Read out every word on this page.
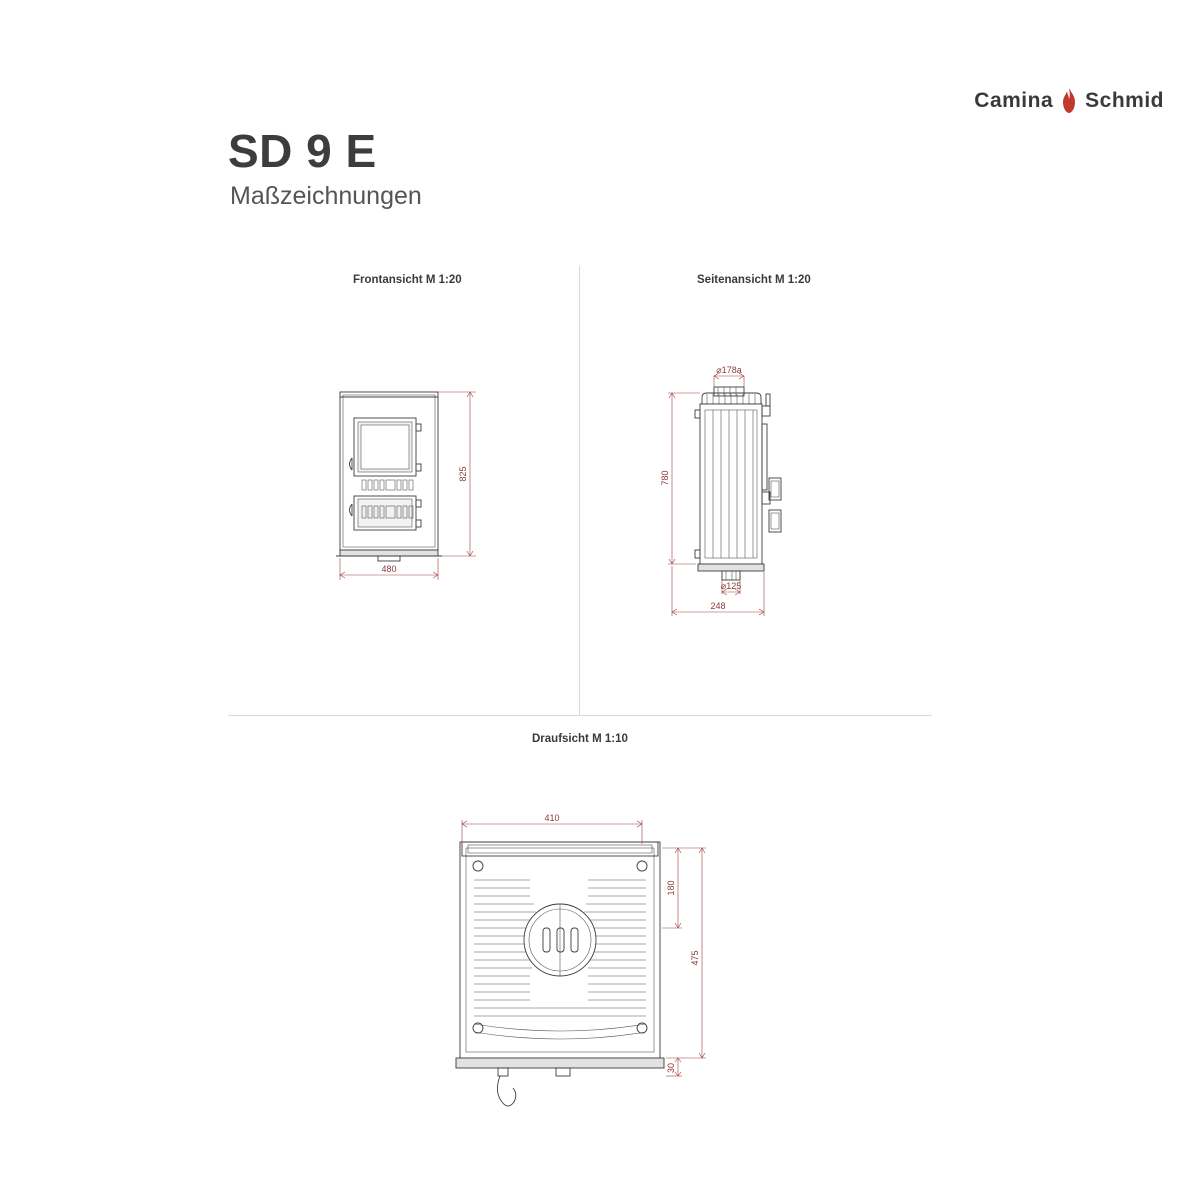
Camina Schmid
SD 9 E
Maßzeichnungen
Frontansicht M 1:20	Seitenansicht M 1:20
Draufsicht M 1:10
825
480
⌀178a
780
⌀125
248
410
180
475
30
